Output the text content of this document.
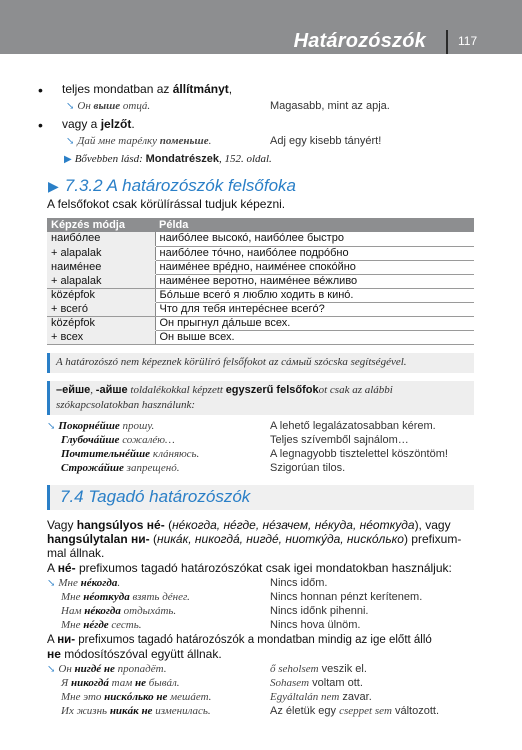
Határozószók	117
• teljes mondatban az állítmányt,
↘ Он выше отцá.	Magasabb, mint az apja.
• vagy a jelzőt.
↘ Дай мне тарéлку поменьше.	Adj egy kisebb tányért!
▶ Bővebben lásd: Mondatrészek, 152. oldal.
▶ 7.3.2 A határozószók felsőfoka
A felsőfokot csak körülírással tudjuk képezni.
Képzés módja	Példa
наибóлее	наибóлее высокó, наибóлее быстро
+ alapalak	наибóлее тóчно, наибóлее подрóбно
наимéнее	наимéнее врéдно, наимéнее спокóйно
+ alapalak	наимéнее веротно, наимéнее вéжливо
középfok	Бóльше всегó я люблю ходить в кинó.
+ всегó	Что для тебя интерéснее всегó?
középfok	Он прыгнул дáльше всех.
+ всех	Он выше всех.
A határozószó nem képeznek körülíró felsőfokot az cáмый szócska segítségével.
–ейше, -айше toldalékokkal képzett egyszerű felsőfokot csak az alábbi szókapcsolatokban használunk:
↘ Покорнéйше прошу.	A lehető legalázatosabban kérem.
Глубочáйше сожалéю…	Teljes szívemből sajnálom…
Почтительнéйше клáняюсь.	A legnagyobb tisztelettel köszöntöm!
Строжáйше запрещенó.	Szigorúan tilos.
7.4 Tagadó határozószók
Vagy hangsúlyos нé- (нéкогда, нéгде, нéзачем, нéкуда, нéоткуда), vagy
hangsúlytalan ни- (никáк, никогдá, нигдé, ниоткýда, нискóлько) prefixum-
mal állnak.
A нé- prefixumos tagadó határozószókat csak igei mondatokban használjuk:
↘ Мне нéкогда.	Nincs időm.
Мне нéоткуда взять дéнег.	Nincs honnan pénzt kerítenem.
Нам нéкогда отдыхáть.	Nincs időnk pihenni.
Мне нéгде сесть.	Nincs hova ülnöm.
A ни- prefixumos tagadó határozószók a mondatban mindig az ige előtt álló
не módosítószóval együtt állnak.
↘ Он нигдé не пропадёт.	ő seholsem veszik el.
Я никогдá там не бывáл.	Sohasem voltam ott.
Мне это нискóлько не мешáет.	Egyáltalán nem zavar.
Их жизнь никáк не изменилась.	Az életük egy cseppet sem változott.
